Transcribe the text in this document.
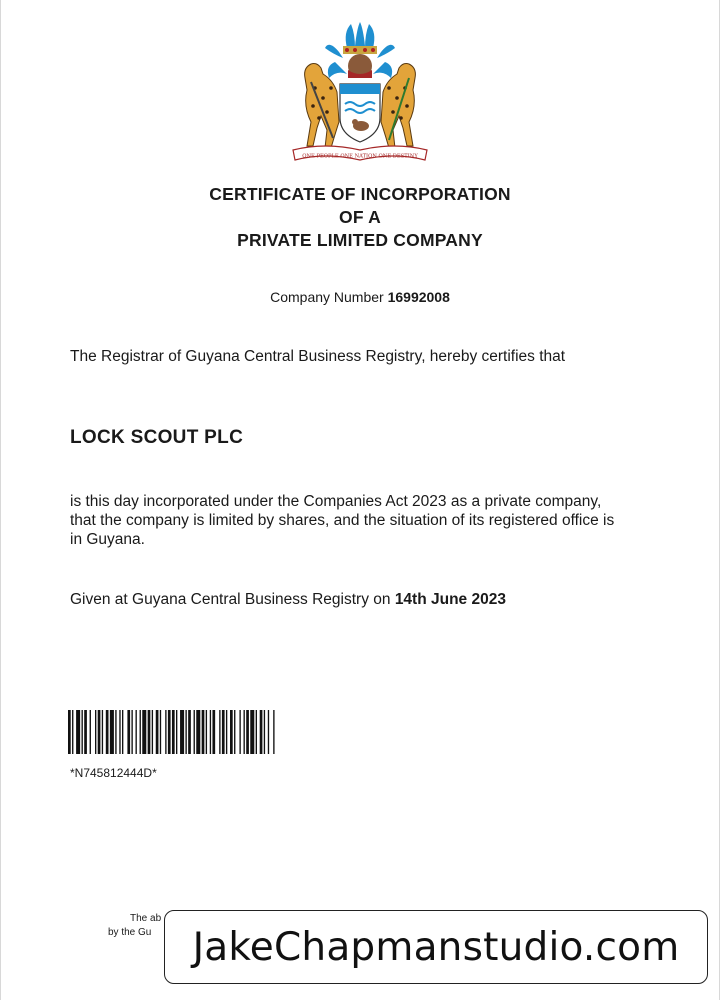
ONE PEOPLE ONE NATION ONE DESTINY
CERTIFICATE OF INCORPORATION
OF A
PRIVATE LIMITED COMPANY
Company Number 16992008
The Registrar of Guyana Central Business Registry, hereby certifies that
LOCK SCOUT PLC
is this day incorporated under the Companies Act 2023 as a private company, that the company is limited by shares, and the situation of its registered office is in Guyana.
Given at Guyana Central Business Registry on 14th June 2023
*N745812444D*
The ab
by the Gu JakeChapmanstudio.com
